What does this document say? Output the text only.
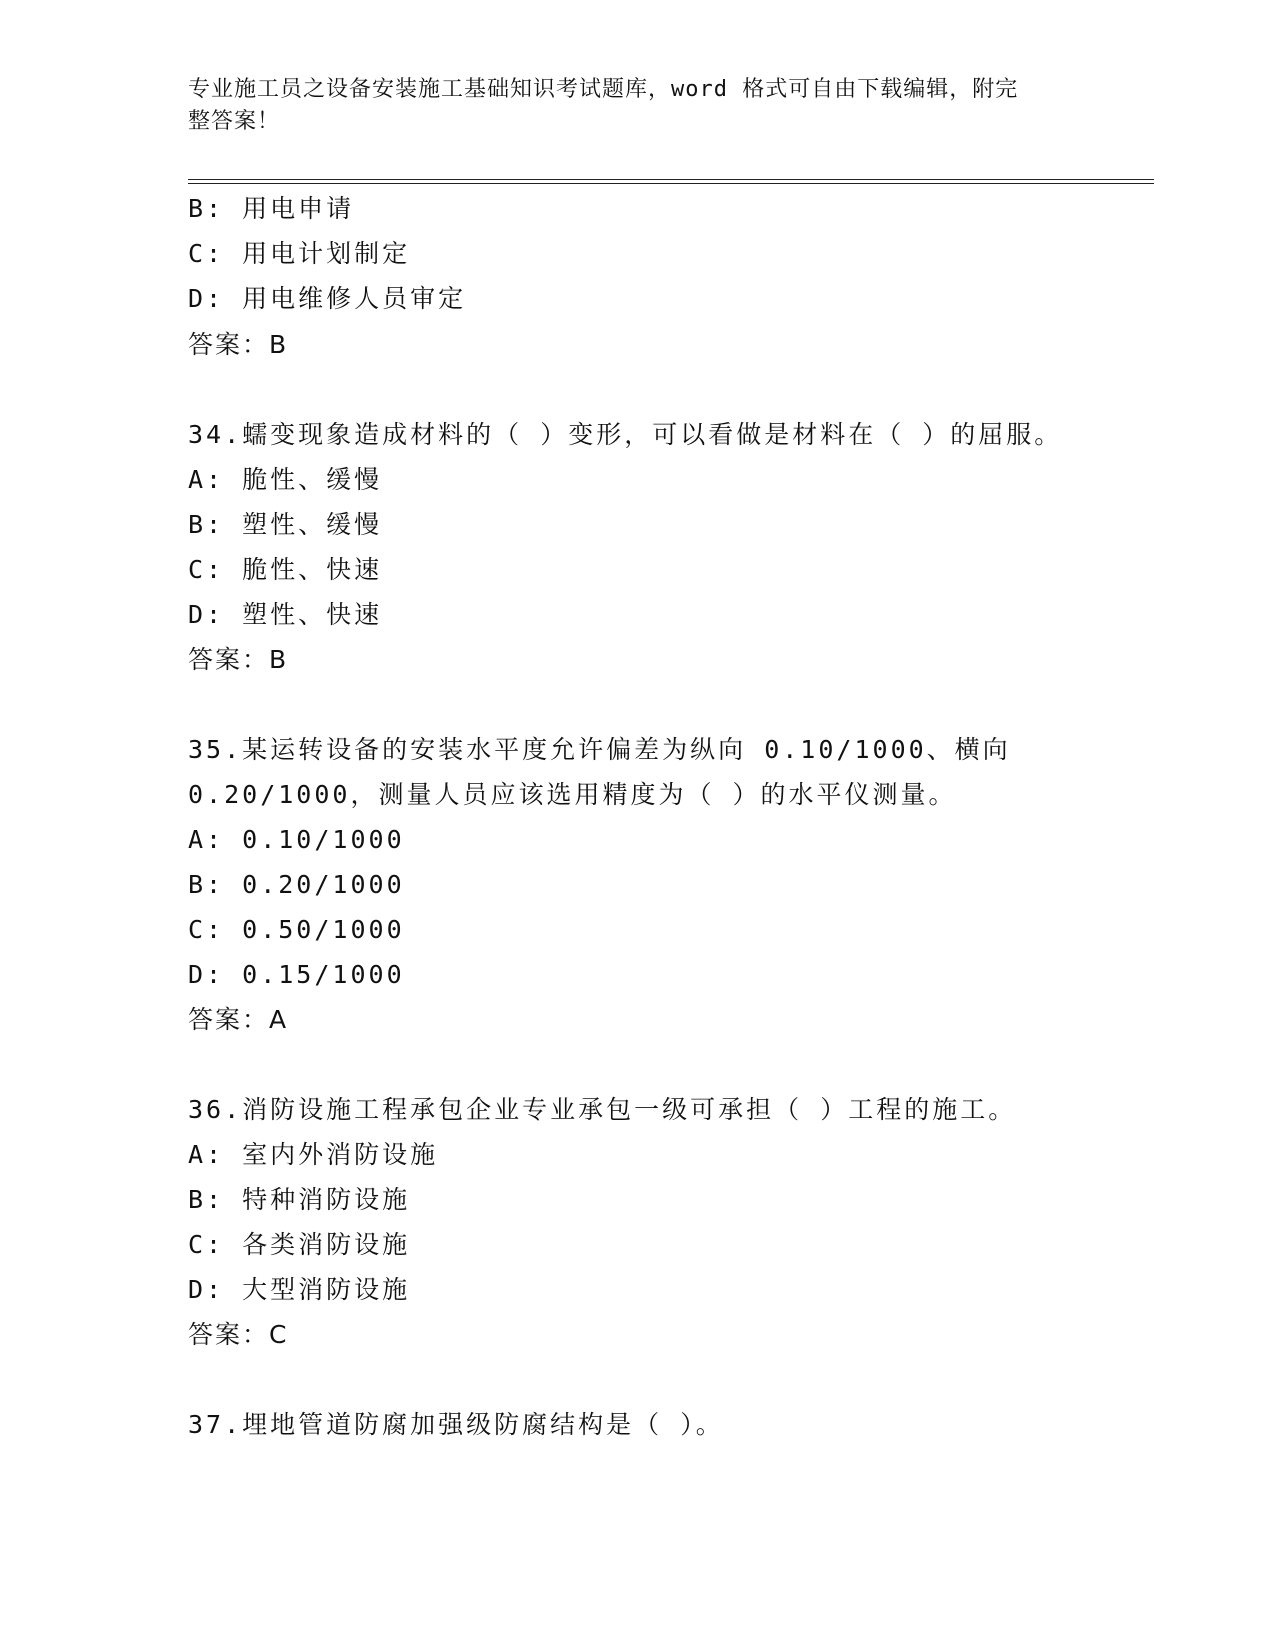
专业施工员之设备安装施工基础知识考试题库，word 格式可自由下载编辑，附完
整答案！
B: 用电申请
C: 用电计划制定
D: 用电维修人员审定
答案：B
34.蠕变现象造成材料的（ ）变形，可以看做是材料在（ ）的屈服。
A: 脆性、缓慢
B: 塑性、缓慢
C: 脆性、快速
D: 塑性、快速
答案：B
35.某运转设备的安装水平度允许偏差为纵向 0.10/1000、横向
0.20/1000，测量人员应该选用精度为（ ）的水平仪测量。
A: 0.10/1000
B: 0.20/1000
C: 0.50/1000
D: 0.15/1000
答案：A
36.消防设施工程承包企业专业承包一级可承担（ ）工程的施工。
A: 室内外消防设施
B: 特种消防设施
C: 各类消防设施
D: 大型消防设施
答案：C
37.埋地管道防腐加强级防腐结构是（ ）。
